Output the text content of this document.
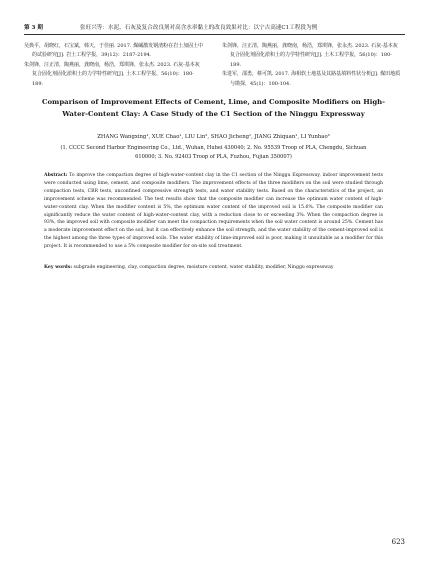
第 3 期	张旺兴等：水泥、石灰及复合改良剂对高含水率黏土的改良效果对比：以宁古高速C1工程段为例

吴典平，胡晓红，石宝斌，韩天，于佳丽. 2017. 煤碱激发钢渣粉在岩土加固土中的试验研究[J]. 岩土工程学报，39(12)：2187-2194.

朱剑锋，汪正清，陶燕丽，龚晓南，杨浩，郑琪锋，张永杰. 2023. 石灰-基本灰复合固化剂固化淤积土的力学特性研究[J]. 土木工程学报，56(10)：180-189.

朱剑锋，汪正清，陶燕丽，龚晓南，杨浩，郑琪锋，张永杰. 2023. 石灰-基本灰复合固化剂固化淤积土的力学特性研究[J]. 土木工程学报，56(10)：180-189.

朱进军，邵勇，蔡可凯. 2017. 海相软土地基及其路基填料性状分析[J]. 煤田地质与勘探，45(1)：100-104.

Comparison of Improvement Effects of Cement, Lime, and Composite Modifiers on High-Water-Content Clay: A Case Study of the C1 Section of the Ninggu Expressway
ZHANG Wangxing¹, XUE Chao¹, LIU Lin², SHAO Jicheng¹, JIANG Zhiquan¹, LI Yunhao³
(1. CCCC Second Harbor Engineering Co., Ltd., Wuhan, Hubei 430040; 2. No. 95539 Troop of PLA, Chengdu, Sichuan
610000; 3. No. 92403 Troop of PLA, Fuzhou, Fujian 350007)
Abstract: To improve the compaction degree of high-water-content clay in the C1 section of the Ninggu Expressway, indoor improvement tests were conducted using lime, cement, and composite modifiers. The improvement effects of the three modifiers on the soil were studied through compaction tests, CBR tests, unconfined compressive strength tests, and water stability tests. Based on the characteristics of the project, an improvement scheme was recommended. The test results show that the composite modifier can increase the optimum water content of high-water-content clay. When the modifier content is 5%, the optimum water content of the improved soil is 15.6%. The composite modifier can significantly reduce the water content of high-water-content clay, with a reduction close to or exceeding 3%. When the compaction degree is 93%, the improved soil with composite modifier can meet the compaction requirements when the soil water content is around 25%. Cement has a moderate improvement effect on the soil, but it can effectively enhance the soil strength, and the water stability of the cement-improved soil is the highest among the three types of improved soils. The water stability of lime-improved soil is poor, making it unsuitable as a modifier for this project. It is recommended to use a 5% composite modifier for on-site soil treatment.
Key words: subgrade engineering, clay, compaction degree, moisture content, water stability, modifier, Ninggu expressway
623
